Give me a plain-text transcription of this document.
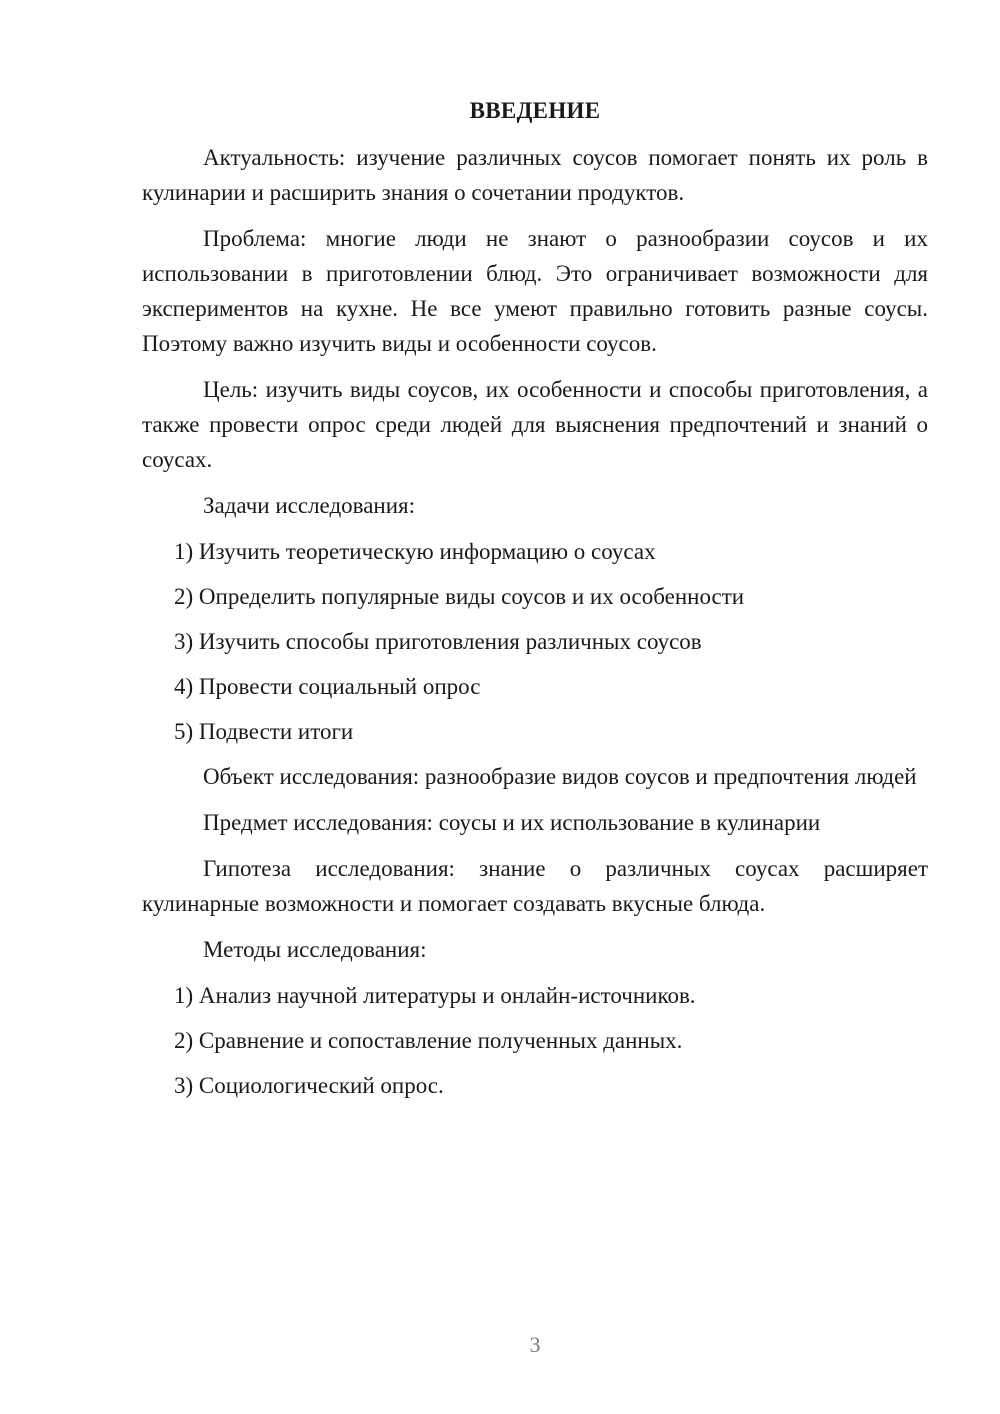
ВВЕДЕНИЕ

Актуальность: изучение различных соусов помогает понять их роль в кулинарии и расширить знания о сочетании продуктов.

Проблема: многие люди не знают о разнообразии соусов и их использовании в приготовлении блюд. Это ограничивает возможности для экспериментов на кухне. Не все умеют правильно готовить разные соусы. Поэтому важно изучить виды и особенности соусов.

Цель: изучить виды соусов, их особенности и способы приготовления, а также провести опрос среди людей для выяснения предпочтений и знаний о соусах.

Задачи исследования:

1) Изучить теоретическую информацию о соусах
2) Определить популярные виды соусов и их особенности
3) Изучить способы приготовления различных соусов
4) Провести социальный опрос
5) Подвести итоги

Объект исследования: разнообразие видов соусов и предпочтения людей

Предмет исследования: соусы и их использование в кулинарии

Гипотеза исследования: знание о различных соусах расширяет кулинарные возможности и помогает создавать вкусные блюда.

Методы исследования:

1) Анализ научной литературы и онлайн-источников.
2) Сравнение и сопоставление полученных данных.
3) Социологический опрос.
3
